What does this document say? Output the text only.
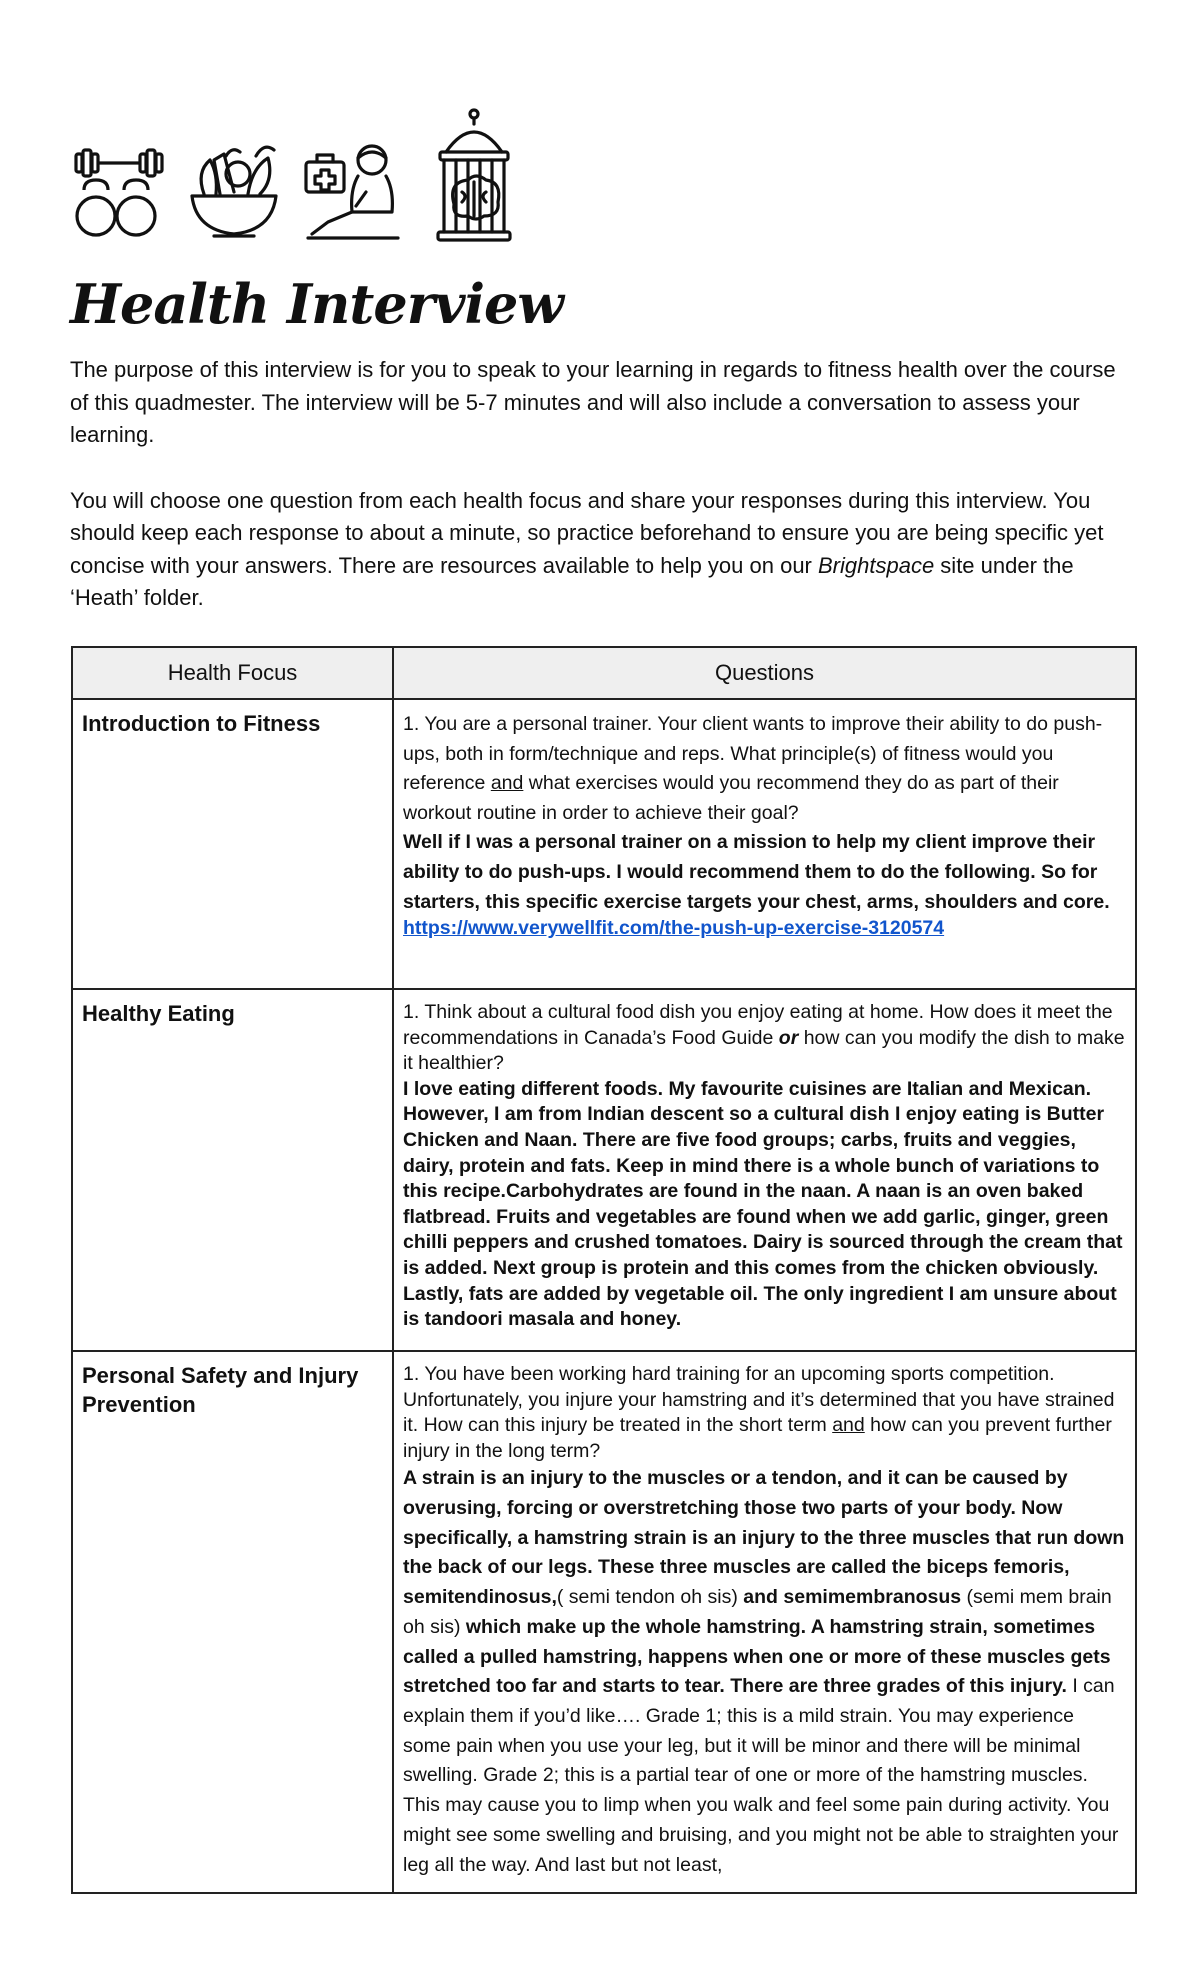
Health Interview

The purpose of this interview is for you to speak to your learning in regards to fitness health over the course of this quadmester. The interview will be 5-7 minutes and will also include a conversation to assess your learning.

You will choose one question from each health focus and share your responses during this interview. You should keep each response to about a minute, so practice beforehand to ensure you are being specific yet concise with your answers. There are resources available to help you on our Brightspace site under the ‘Heath’ folder.

Health Focus	Questions
Introduction to Fitness	1. You are a personal trainer. Your client wants to improve their ability to do push-ups, both in form/technique and reps. What principle(s) of fitness would you reference and what exercises would you recommend they do as part of their workout routine in order to achieve their goal?

Well if I was a personal trainer on a mission to help my client improve their ability to do push-ups. I would recommend them to do the following. So for starters, this specific exercise targets your chest, arms, shoulders and core.

https://www.verywellfit.com/the-push-up-exercise-3120574

Healthy Eating	1. Think about a cultural food dish you enjoy eating at home. How does it meet the recommendations in Canada’s Food Guide or how can you modify the dish to make it healthier?

I love eating different foods. My favourite cuisines are Italian and Mexican. However, I am from Indian descent so a cultural dish I enjoy eating is Butter Chicken and Naan. There are five food groups; carbs, fruits and veggies, dairy, protein and fats. Keep in mind there is a whole bunch of variations to this recipe.Carbohydrates are found in the naan. A naan is an oven baked flatbread. Fruits and vegetables are found when we add garlic, ginger, green chilli peppers and crushed tomatoes. Dairy is sourced through the cream that is added. Next group is protein and this comes from the chicken obviously. Lastly, fats are added by vegetable oil. The only ingredient I am unsure about is tandoori masala and honey.

Personal Safety and Injury Prevention	1. You have been working hard training for an upcoming sports competition. Unfortunately, you injure your hamstring and it’s determined that you have strained it. How can this injury be treated in the short term and how can you prevent further injury in the long term?

A strain is an injury to the muscles or a tendon, and it can be caused by overusing, forcing or overstretching those two parts of your body. Now specifically, a hamstring strain is an injury to the three muscles that run down the back of our legs. These three muscles are called the biceps femoris, semitendinosus,( semi tendon oh sis) and semimembranosus (semi mem brain oh sis) which make up the whole hamstring. A hamstring strain, sometimes called a pulled hamstring, happens when one or more of these muscles gets stretched too far and starts to tear. There are three grades of this injury. I can explain them if you’d like…. Grade 1; this is a mild strain. You may experience some pain when you use your leg, but it will be minor and there will be minimal swelling. Grade 2; this is a partial tear of one or more of the hamstring muscles. This may cause you to limp when you walk and feel some pain during activity. You might see some swelling and bruising, and you might not be able to straighten your leg all the way. And last but not least,
